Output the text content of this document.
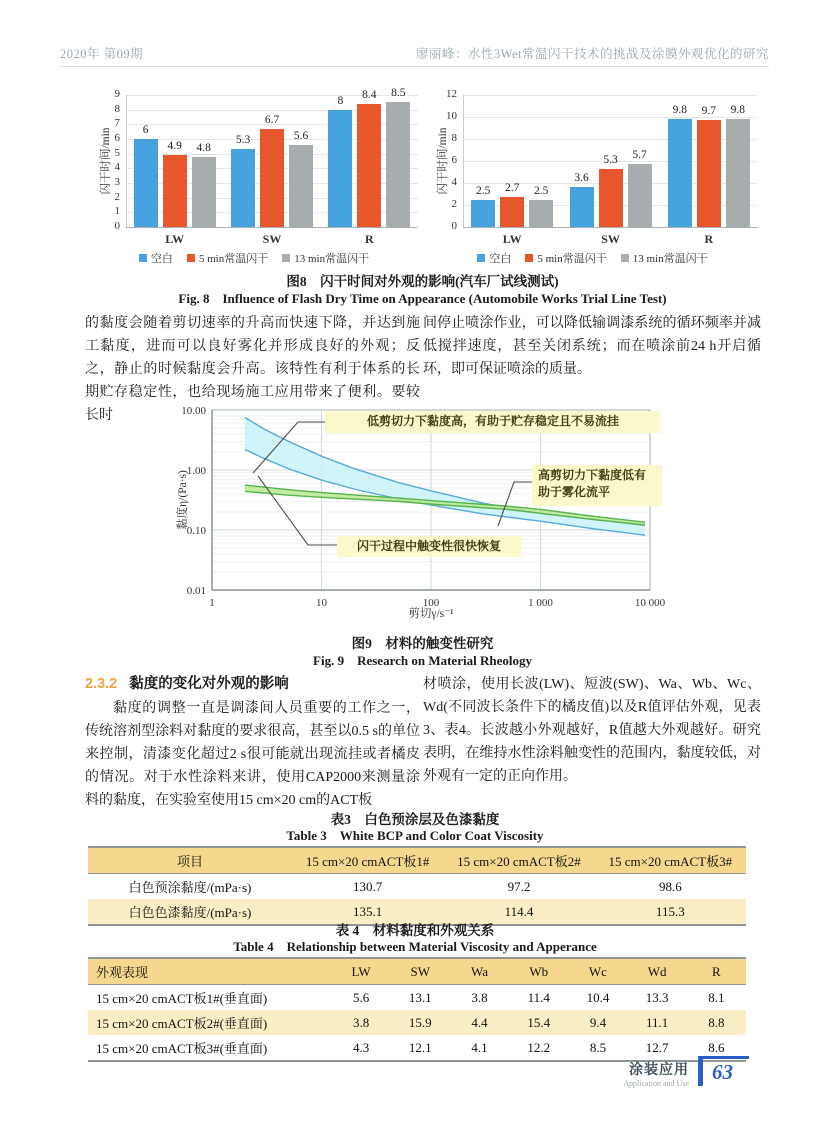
2020年 第09期	廖丽峰：水性3Wet常温闪干技术的挑战及涂膜外观优化的研究
闪干时间/min
0
1
2
3
4
5
6
7
8
9
LW
6
4.9	4.8
SW
5.3
6.7
5.6
R
8	8.4	8.5
空白 5 min常温闪干 13 min常温闪干
闪干时间/min
0
2
4
6
8
10
12
LW
2.5	2.7	2.5
SW
3.6
5.3	5.7
R
9.8	9.7	9.8
空白 5 min常温闪干 13 min常温闪干
图8　闪干时间对外观的影响(汽车厂试线测试)
Fig. 8　Influence of Flash Dry Time on Appearance (Automobile Works Trial Line Test)
的黏度会随着剪切速率的升高而快速下降，并达到施工黏度，进而可以良好雾化并形成良好的外观；反之，静止的时候黏度会升高。该特性有利于体系的长期贮存稳定性，也给现场施工应用带来了便利。要较长时
间停止喷涂作业，可以降低输调漆系统的循环频率并减低搅拌速度，甚至关闭系统；而在喷涂前24 h开启循环，即可保证喷涂的质量。
10.00
1.00
0.10
0.01
1	10	100	1 000	10 000
黏度η/(Pa·s)
剪切γ/s⁻¹
低剪切力下黏度高，有助于贮存稳定且不易流挂
高剪切力下黏度低有助于雾化流平
闪干过程中触变性很快恢复
图9　材料的触变性研究
Fig. 9　Research on Material Rheology
2.3.2 黏度的变化对外观的影响
黏度的调整一直是调漆间人员重要的工作之一，传统溶剂型涂料对黏度的要求很高，甚至以0.5 s的单位来控制，清漆变化超过2 s很可能就出现流挂或者橘皮的情况。对于水性涂料来讲，使用CAP2000来测量涂料的黏度，在实验室使用15 cm×20 cm的ACT板
材喷涂，使用长波(LW)、短波(SW)、Wa、Wb、Wc、Wd(不同波长条件下的橘皮值)以及R值评估外观，见表3、表4。长波越小外观越好，R值越大外观越好。研究表明，在维持水性涂料触变性的范围内，黏度较低，对外观有一定的正向作用。
表3　白色预涂层及色漆黏度
Table 3　White BCP and Color Coat Viscosity
项目	15 cm×20 cmACT板1#	15 cm×20 cmACT板2#	15 cm×20 cmACT板3#
白色预涂黏度/(mPa·s)	130.7	97.2	98.6
白色色漆黏度/(mPa·s)	135.1	114.4	115.3
表 4　材料黏度和外观关系
Table 4　Relationship between Material Viscosity and Apperance
外观表现	LW	SW	Wa	Wb	Wc	Wd	R
15 cm×20 cmACT板1#(垂直面)	5.6	13.1	3.8	11.4	10.4	13.3	8.1
15 cm×20 cmACT板2#(垂直面)	3.8	15.9	4.4	15.4	9.4	11.1	8.8
15 cm×20 cmACT板3#(垂直面)	4.3	12.1	4.1	12.2	8.5	12.7	8.6
涂装应用
Application and Use	63
